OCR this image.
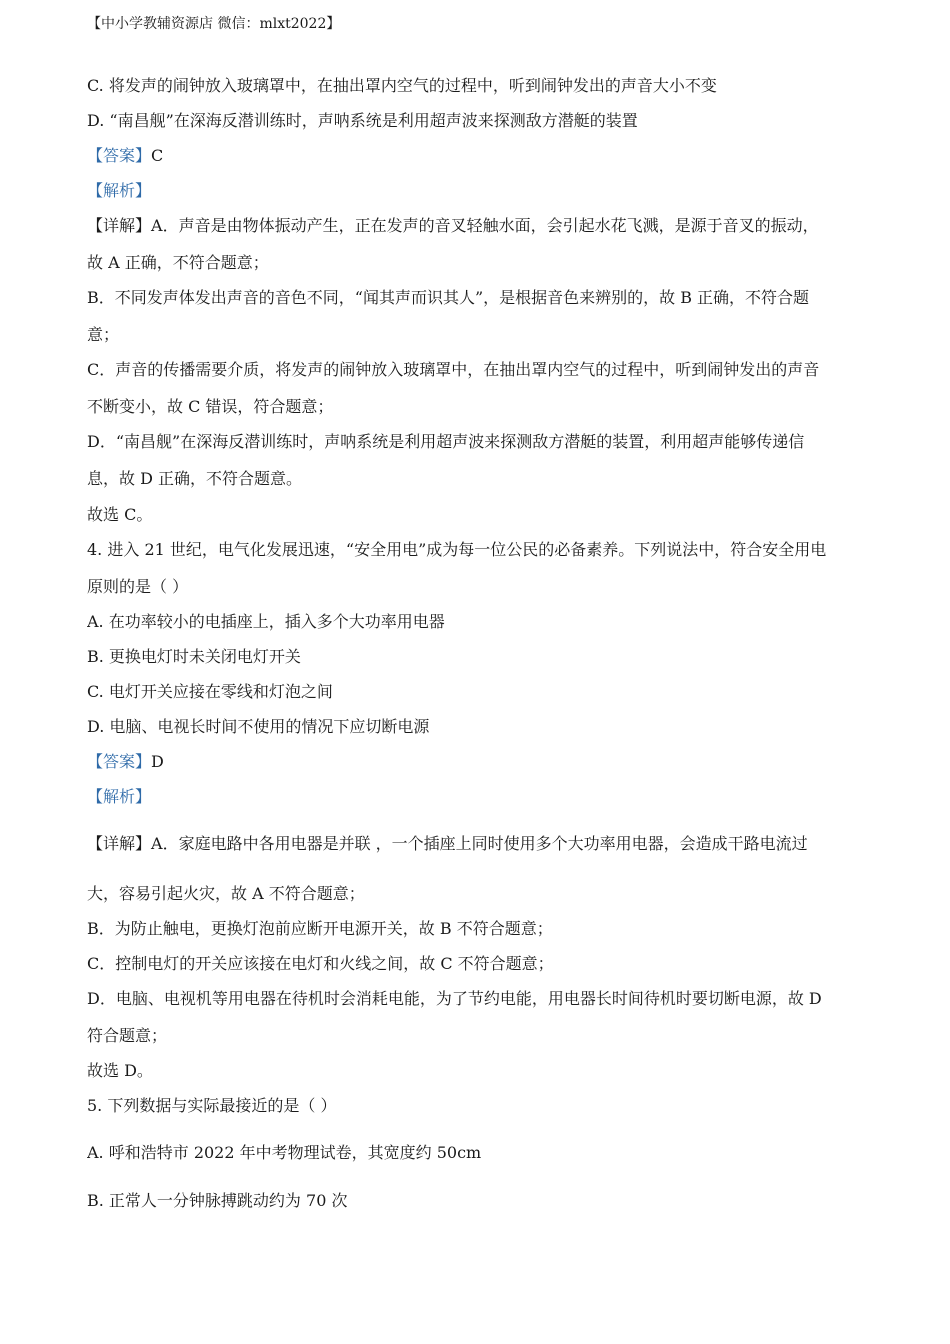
【中小学教辅资源店 微信：mlxt2022】
C. 将发声的闹钟放入玻璃罩中，在抽出罩内空气的过程中，听到闹钟发出的声音大小不变
D. “南昌舰”在深海反潜训练时，声呐系统是利用超声波来探测敌方潜艇的装置
【答案】C
【解析】
【详解】A．声音是由物体振动产生，正在发声的音叉轻触水面，会引起水花飞溅，是源于音叉的振动，
故 A 正确，不符合题意；
B．不同发声体发出声音的音色不同，“闻其声而识其人”，是根据音色来辨别的，故 B 正确，不符合题
意；
C．声音的传播需要介质，将发声的闹钟放入玻璃罩中，在抽出罩内空气的过程中，听到闹钟发出的声音
不断变小，故 C 错误，符合题意；
D．“南昌舰”在深海反潜训练时，声呐系统是利用超声波来探测敌方潜艇的装置，利用超声能够传递信
息，故 D 正确，不符合题意。
故选 C。
4. 进入 21 世纪，电气化发展迅速，“安全用电”成为每一位公民的必备素养。下列说法中，符合安全用电
原则的是（ ）
A. 在功率较小的电插座上，插入多个大功率用电器
B. 更换电灯时未关闭电灯开关
C. 电灯开关应接在零线和灯泡之间
D. 电脑、电视长时间不使用的情况下应切断电源
【答案】D
【解析】
【详解】A．家庭电路中各用电器是并联 ，一个插座上同时使用多个大功率用电器，会造成干路电流过
大，容易引起火灾，故 A 不符合题意；
B．为防止触电，更换灯泡前应断开电源开关，故 B 不符合题意；
C．控制电灯的开关应该接在电灯和火线之间，故 C 不符合题意；
D．电脑、电视机等用电器在待机时会消耗电能，为了节约电能，用电器长时间待机时要切断电源，故 D
符合题意；
故选 D。
5. 下列数据与实际最接近的是（ ）
A. 呼和浩特市 2022 年中考物理试卷，其宽度约 50cm
B. 正常人一分钟脉搏跳动约为 70 次
